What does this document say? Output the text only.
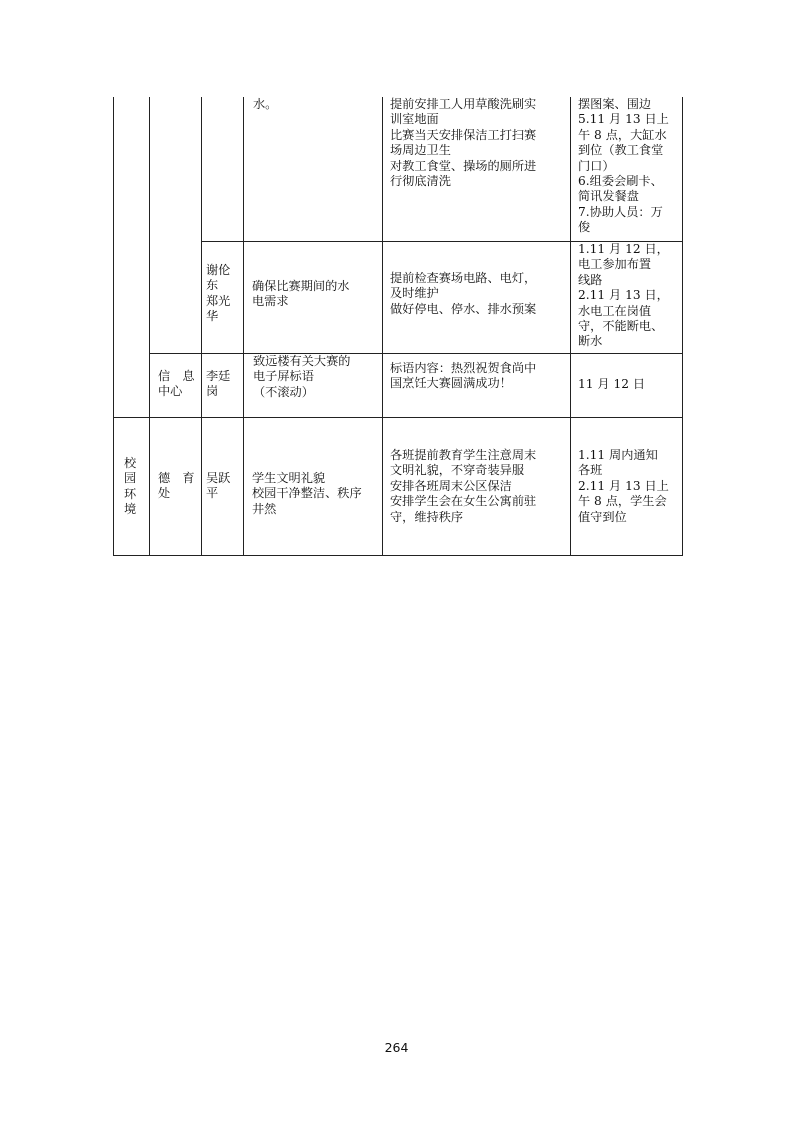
水。	提前安排工人用草酸洗刷实
训室地面
比赛当天安排保洁工打扫赛
场周边卫生
对教工食堂、操场的厕所进
行彻底清洗
摆图案、围边
5.11 月 13 日上
午 8 点，大缸水
到位（教工食堂
门口）
6.组委会刷卡、
简讯发餐盘
7.协助人员：万
俊
谢伦
东
郑光
华
确保比赛期间的水
电需求
提前检查赛场电路、电灯，
及时维护
做好停电、停水、排水预案
1.11 月 12 日，
电工参加布置
线路
2.11 月 13 日，
水电工在岗值
守，不能断电、
断水
信　息
中心
李廷
岗
致远楼有关大赛的
电子屏标语
（不滚动）
标语内容：热烈祝贺食尚中
国烹饪大赛圆满成功！	11 月 12 日
校
园
环
境
德　育
处
吴跃
平
学生文明礼貌
校园干净整洁、秩序
井然
各班提前教育学生注意周末
文明礼貌，不穿奇装异服
安排各班周末公区保洁
安排学生会在女生公寓前驻
守，维持秩序
1.11 周内通知
各班
2.11 月 13 日上
午 8 点，学生会
值守到位
264
